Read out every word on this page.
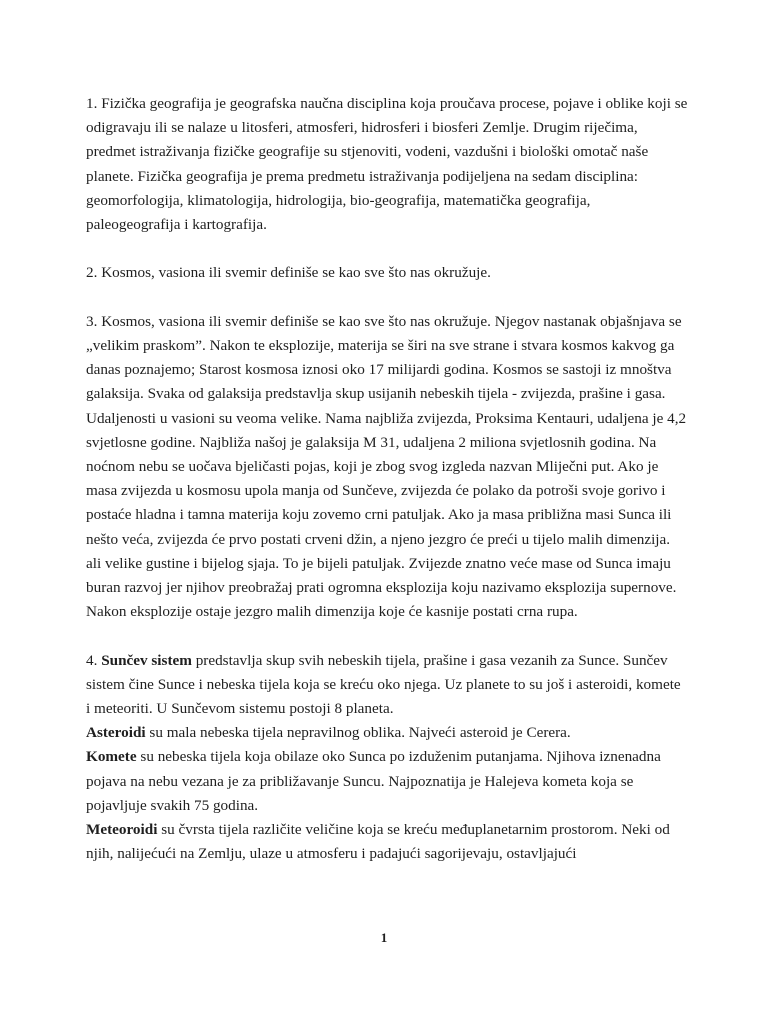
1. Fizička geografija je geografska naučna disciplina koja proučava procese, pojave i oblike koji se odigravaju ili se nalaze u litosferi, atmosferi, hidrosferi i biosferi Zemlje. Drugim riječima, predmet istraživanja fizičke geografije su stjenoviti, vodeni, vazdušni i biološki omotač naše planete. Fizička geografija je prema predmetu istraživanja podijeljena na sedam disciplina: geomorfologija, klimatologija, hidrologija, bio-geografija, matematička geografija, paleogeografija i kartografija.

2. Kosmos, vasiona ili svemir definiše se kao sve što nas okružuje.

3. Kosmos, vasiona ili svemir definiše se kao sve što nas okružuje. Njegov nastanak objašnjava se „velikim praskom”. Nakon te eksplozije, materija se širi na sve strane i stvara kosmos kakvog ga danas poznajemo; Starost kosmosa iznosi oko 17 milijardi godina. Kosmos se sastoji iz mnoštva galaksija. Svaka od galaksija predstavlja skup usijanih nebeskih tijela - zvijezda, prašine i gasa. Udaljenosti u vasioni su veoma velike. Nama najbliža zvijezda, Proksima Kentauri, udaljena je 4,2 svjetlosne godine. Najbliža našoj je galaksija M 31, udaljena 2 miliona svjetlosnih godina. Na noćnom nebu se uočava bjeličasti pojas, koji je zbog svog izgleda nazvan Mliječni put. Ako je masa zvijezda u kosmosu upola manja od Sunčeve, zvijezda će polako da potroši svoje gorivo i postaće hladna i tamna materija koju zovemo crni patuljak. Ako ja masa približna masi Sunca ili nešto veća, zvijezda će prvo postati crveni džin, a njeno jezgro će preći u tijelo malih dimenzija. ali velike gustine i bijelog sjaja. To je bijeli patuljak. Zvijezde znatno veće mase od Sunca imaju buran razvoj jer njihov preobražaj prati ogromna eksplozija koju nazivamo eksplozija supernove. Nakon eksplozije ostaje jezgro malih dimenzija koje će kasnije postati crna rupa.

4. Sunčev sistem predstavlja skup svih nebeskih tijela, prašine i gasa vezanih za Sunce. Sunčev sistem čine Sunce i nebeska tijela koja se kreću oko njega. Uz planete to su još i asteroidi, komete i meteoriti. U Sunčevom sistemu postoji 8 planeta.

Asteroidi su mala nebeska tijela nepravilnog oblika. Najveći asteroid je Cerera.

Komete su nebeska tijela koja obilaze oko Sunca po izduženim putanjama. Njihova iznenadna pojava na nebu vezana je za približavanje Suncu. Najpoznatija je Halejeva kometa koja se pojavljuje svakih 75 godina.

Meteoroidi su čvrsta tijela različite veličine koja se kreću međuplanetarnim prostorom. Neki od njih, nalijećući na Zemlju, ulaze u atmosferu i padajući sagorijevaju, ostavljajući

1
